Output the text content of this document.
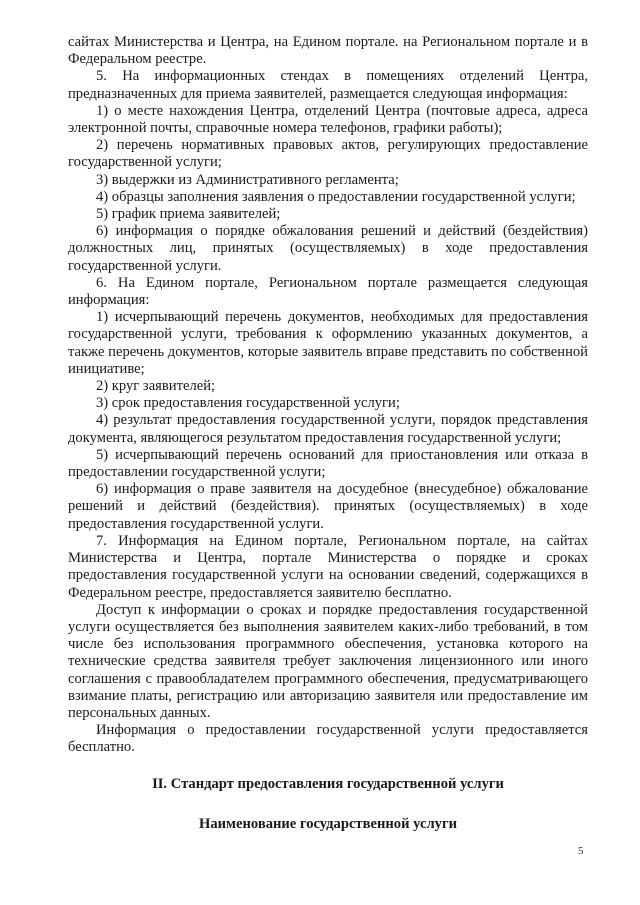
сайтах Министерства и Центра, на Едином портале. на Региональном портале и в Федеральном реестре.

5. На информационных стендах в помещениях отделений Центра, предназначенных для приема заявителей, размещается следующая информация:

1) о месте нахождения Центра, отделений Центра (почтовые адреса, адреса электронной почты, справочные номера телефонов, графики работы);

2) перечень нормативных правовых актов, регулирующих предоставление государственной услуги;

3) выдержки из Административного регламента;

4) образцы заполнения заявления о предоставлении государственной услуги;

5) график приема заявителей;

6) информация о порядке обжалования решений и действий (бездействия) должностных лиц, принятых (осуществляемых) в ходе предоставления государственной услуги.

6. На Едином портале, Региональном портале размещается следующая информация:

1) исчерпывающий перечень документов, необходимых для предоставления государственной услуги, требования к оформлению указанных документов, а также перечень документов, которые заявитель вправе представить по собственной инициативе;

2) круг заявителей;

3) срок предоставления государственной услуги;

4) результат предоставления государственной услуги, порядок представления документа, являющегося результатом предоставления государственной услуги;

5) исчерпывающий перечень оснований для приостановления или отказа в предоставлении государственной услуги;

6) информация о праве заявителя на досудебное (внесудебное) обжалование решений и действий (бездействия). принятых (осуществляемых) в ходе предоставления государственной услуги.

7. Информация на Едином портале, Региональном портале, на сайтах Министерства и Центра, портале Министерства о порядке и сроках предоставления государственной услуги на основании сведений, содержащихся в Федеральном реестре, предоставляется заявителю бесплатно.

Доступ к информации о сроках и порядке предоставления государственной услуги осуществляется без выполнения заявителем каких-либо требований, в том числе без использования программного обеспечения, установка которого на технические средства заявителя требует заключения лицензионного или иного соглашения с правообладателем программного обеспечения, предусматривающего взимание платы, регистрацию или авторизацию заявителя или предоставление им персональных данных.

Информация о предоставлении государственной услуги предоставляется бесплатно.

II. Стандарт предоставления государственной услуги

Наименование государственной услуги

5
